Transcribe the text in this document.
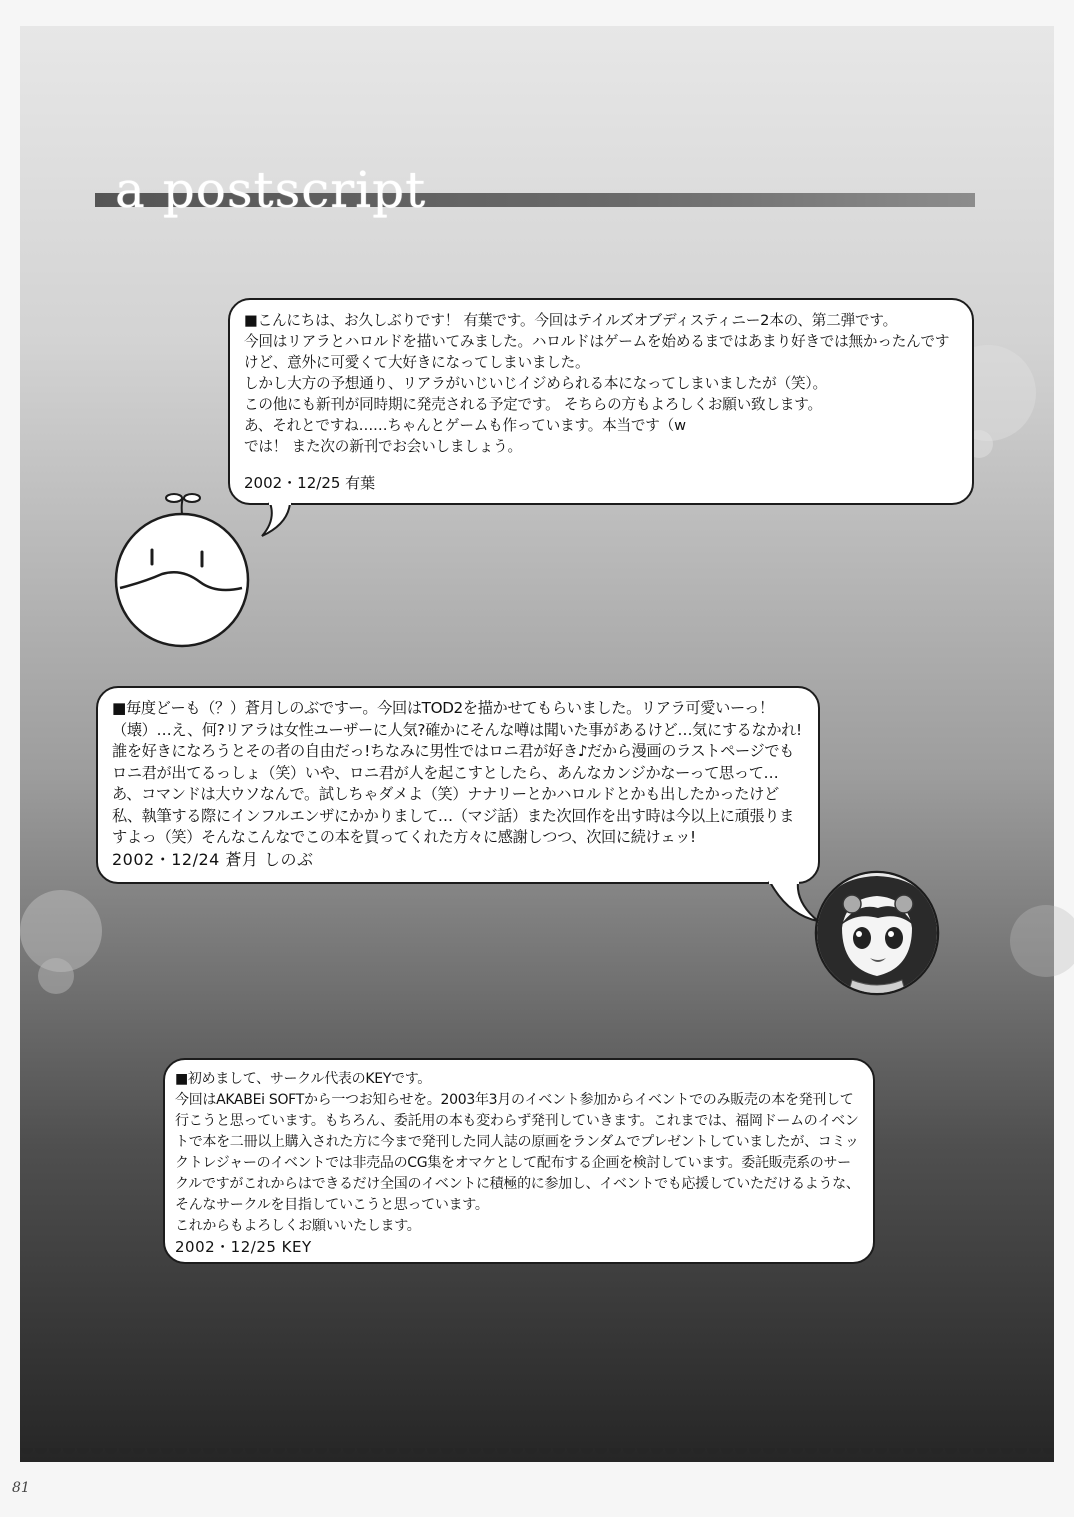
a postscript

■こんにちは、お久しぶりです！ 有葉です。今回はテイルズオブディスティニー2本の、第二弾です。
今回はリアラとハロルドを描いてみました。ハロルドはゲームを始めるまではあまり好きでは無かったんですけど、意外に可愛くて大好きになってしまいました。
しかし大方の予想通り、リアラがいじいじイジめられる本になってしまいましたが（笑）。
この他にも新刊が同時期に発売される予定です。 そちらの方もよろしくお願い致します。
あ、それとですね……ちゃんとゲームも作っています。本当です（w
では！ また次の新刊でお会いしましょう。

2002・12/25 有葉

■毎度どーも（？）蒼月しのぶですー。今回はTOD2を描かせてもらいました。リアラ可愛いーっ！（壊）…え、何?リアラは女性ユーザーに人気?確かにそんな噂は聞いた事があるけど…気にするなかれ!誰を好きになろうとその者の自由だっ!ちなみに男性ではロニ君が好き♪だから漫画のラストページでもロニ君が出てるっしょ（笑）いや、ロニ君が人を起こすとしたら、あんなカンジかなーって思って…あ、コマンドは大ウソなんで。試しちゃダメよ（笑）ナナリーとかハロルドとかも出したかったけど私、執筆する際にインフルエンザにかかりまして…（マジ話）また次回作を出す時は今以上に頑張りますよっ（笑）そんなこんなでこの本を買ってくれた方々に感謝しつつ、次回に続けェッ!

2002・12/24 蒼月 しのぶ

■初めまして、サークル代表のKEYです。
今回はAKABEi SOFTから一つお知らせを。2003年3月のイベント参加からイベントでのみ販売の本を発刊して行こうと思っています。もちろん、委託用の本も変わらず発刊していきます。これまでは、福岡ドームのイベントで本を二冊以上購入された方に今まで発刊した同人誌の原画をランダムでプレゼントしていましたが、コミックトレジャーのイベントでは非売品のCG集をオマケとして配布する企画を検討しています。委託販売系のサークルですがこれからはできるだけ全国のイベントに積極的に参加し、イベントでも応援していただけるような、そんなサークルを目指していこうと思っています。
これからもよろしくお願いいたします。

2002・12/25 KEY

81
